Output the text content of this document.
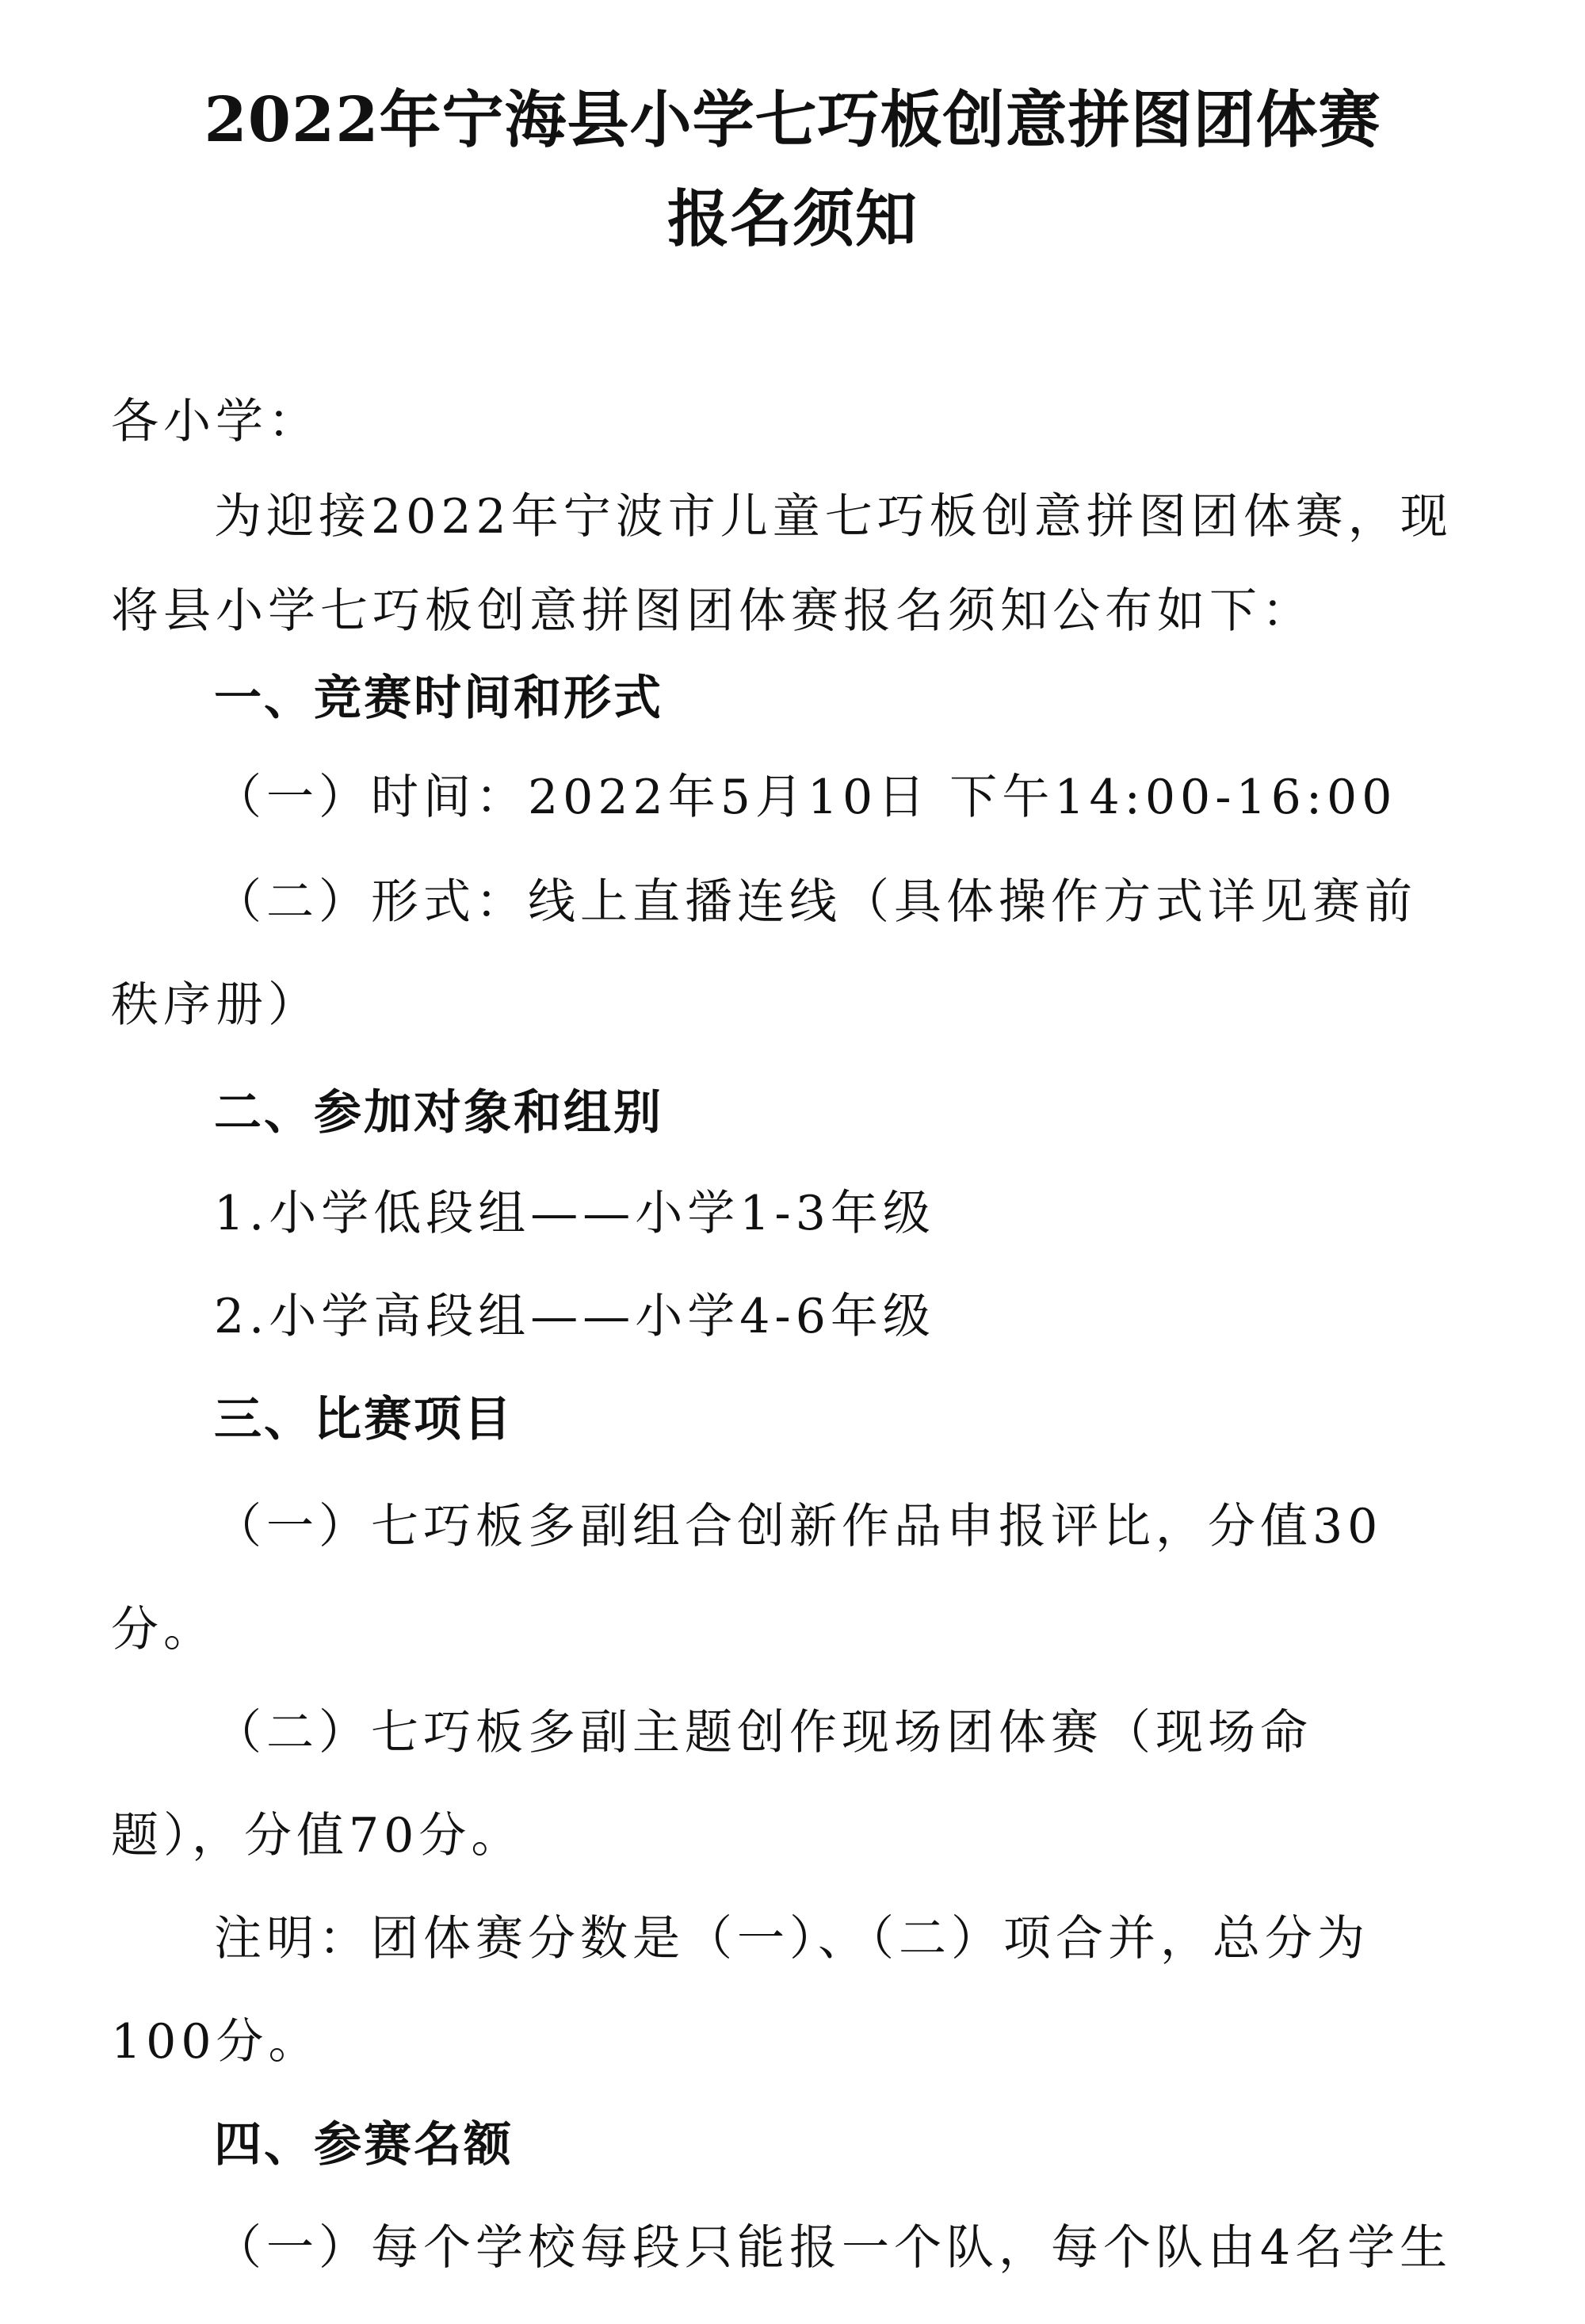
2022年宁海县小学七巧板创意拼图团体赛
报名须知
各小学：
为迎接2022年宁波市儿童七巧板创意拼图团体赛，现
将县小学七巧板创意拼图团体赛报名须知公布如下：
一、竞赛时间和形式
（一）时间：2022年5月10日 下午14:00-16:00
（二）形式：线上直播连线（具体操作方式详见赛前
秩序册）
二、参加对象和组别
1.小学低段组——小学1-3年级
2.小学高段组——小学4-6年级
三、比赛项目
（一）七巧板多副组合创新作品申报评比，分值30
分。
（二）七巧板多副主题创作现场团体赛（现场命
题），分值70分。
注明：团体赛分数是（一）、（二）项合并，总分为
100分。
四、参赛名额
（一）每个学校每段只能报一个队，每个队由4名学生
